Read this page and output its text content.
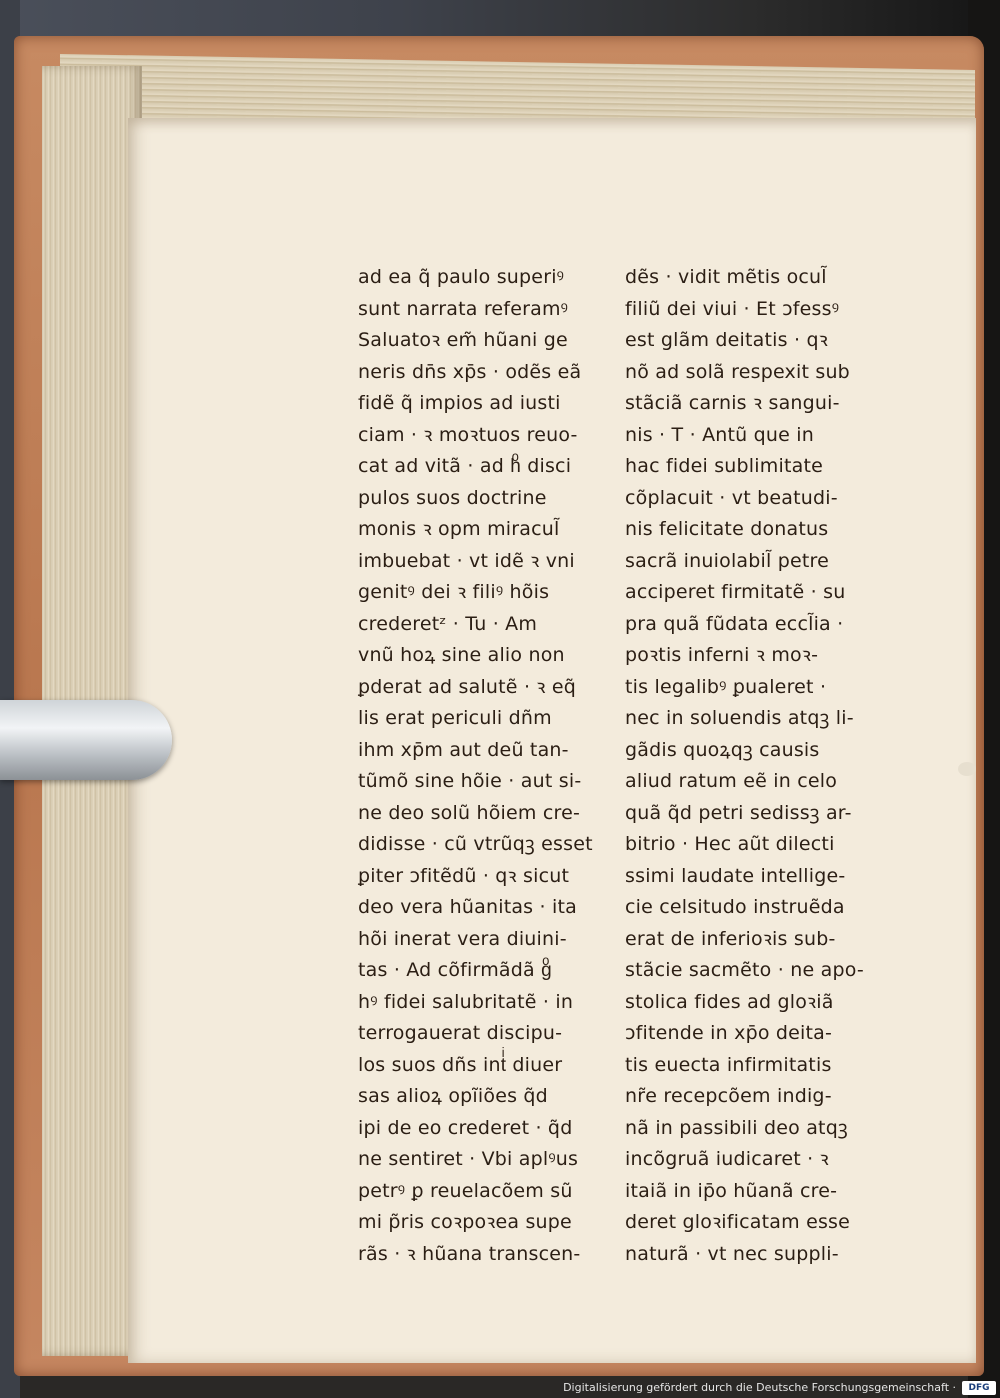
ad ea q̃ paulo superiꝰ
sunt narrata referamꝰ
Saluatoꝛ em̃ hũani ge
neris dn̄s xp̄s · odẽs eã
fidẽ q̃ impios ad iusti
ciam · ꝛ moꝛtuos reuo-
cat ad vitã · ad hͦ disci
pulos suos doctrine
monis ꝛ opm miracul̃
imbuebat · vt idẽ ꝛ vni
genitꝰ dei ꝛ filiꝰ hõis
crederetᶻ · Tu · Am
vnũ hoꝝ sine alio non
ꝑderat ad salutẽ · ꝛ eq̃
lis erat periculi dñm
ihm xp̄m aut deũ tan-
tũmõ sine hõie · aut si-
ne deo solũ hõiem cre-
didisse · cũ vtrũqꝫ esset
ꝑiter ↄfitẽdũ · qꝛ sicut
deo vera hũanitas · ita
hõi inerat vera diuini-
tas · Ad cõfirmãdã gͦ
hꝰ fidei salubritatẽ · in
terrogauerat discipu-
los suos dñs intͥ diuer
sas alioꝝ opĩiões q̃d
ipi de eo crederet · q̃d
ne sentiret · Vbi aplꝰus
petrꝰ ꝑ reuelacõem sũ
mi p̃ris coꝛpoꝛea supe
rãs · ꝛ hũana transcen-
dẽs · vidit mẽtis ocul̃
filiũ dei viui · Et ↄfessꝰ
est glãm deitatis · qꝛ
nõ ad solã respexit sub
stãciã carnis ꝛ sangui-
nis · T · Antũ que in
hac fidei sublimitate
cõplacuit · vt beatudi-
nis felicitate donatus
sacrã inuiolabil̃ petre
acciperet firmitatẽ · su
pra quã fũdata eccl̃ia ·
poꝛtis inferni ꝛ moꝛ-
tis legalibꝰ ꝑualeret ·
nec in soluendis atqꝫ li-
gãdis quoꝝqꝫ causis
aliud ratum eẽ in celo
quã q̃d petri sedissꝫ ar-
bitrio · Hec aũt dilecti
ssimi laudate intellige-
cie celsitudo instruẽda
erat de inferioꝛis sub-
stãcie sacmẽto · ne apo-
stolica fides ad gloꝛiã
ↄfitende in xp̄o deita-
tis euecta infirmitatis
nr̃e recepcõem indig-
nã in passibili deo atqꝫ
incõgruã iudicaret · ꝛ
itaiã in ip̄o hũanã cre-
deret gloꝛificatam esse
naturã · vt nec suppli-
Digitalisierung gefördert durch die Deutsche Forschungsgemeinschaft ·	DFG
